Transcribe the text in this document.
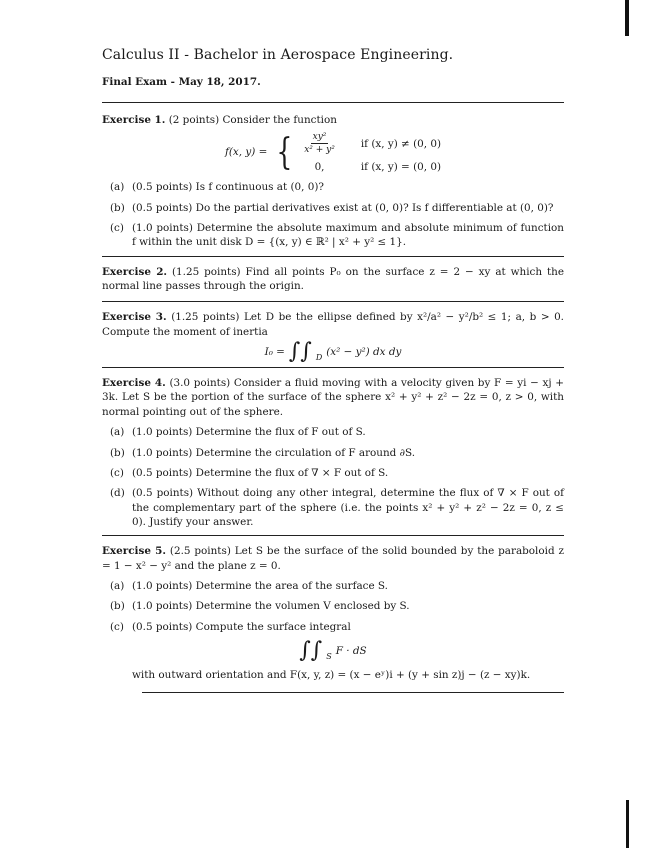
Calculus II - Bachelor in Aerospace Engineering.
Final Exam - May 18, 2017.
Exercise 1. (2 points) Consider the function
f(x, y) = { $\frac{\text{xy²}}{\text{x² + y²}}$ if (x, y) ≠ (0, 0)
0,	if (x, y) = (0, 0)
(a) (0.5 points) Is f continuous at (0, 0)?
(b) (0.5 points) Do the partial derivatives exist at (0, 0)? Is f differentiable at (0, 0)?
(c) (1.0 points) Determine the absolute maximum and absolute minimum of function f within the unit disk D = {(x, y) ∈ ℝ² | x² + y² ≤ 1}.
Exercise 2. (1.25 points) Find all points P₀ on the surface z = 2 − xy at which the normal line passes through the origin.
Exercise 3. (1.25 points) Let D be the ellipse defined by x²/a² − y²/b² ≤ 1; a, b > 0. Compute the moment of inertia
I₀ = ∫∫ D (x² − y²) dx dy
Exercise 4. (3.0 points) Consider a fluid moving with a velocity given by F = yi − xj + 3k. Let S be the portion of the surface of the sphere x² + y² + z² − 2z = 0, z > 0, with normal pointing out of the sphere.
(a) (1.0 points) Determine the flux of F out of S.
(b) (1.0 points) Determine the circulation of F around ∂S.
(c) (0.5 points) Determine the flux of ∇ × F out of S.
(d) (0.5 points) Without doing any other integral, determine the flux of ∇ × F out of the complementary part of the sphere (i.e. the points x² + y² + z² − 2z = 0, z ≤ 0). Justify your answer.
Exercise 5. (2.5 points) Let S be the surface of the solid bounded by the paraboloid z = 1 − x² − y² and the plane z = 0.
(a) (1.0 points) Determine the area of the surface S.
(b) (1.0 points) Determine the volumen V enclosed by S.
(c) (0.5 points) Compute the surface integral
∫∫ S F · dS
with outward orientation and F(x, y, z) = (x − eʸ)i + (y + sin z)j − (z − xy)k.
